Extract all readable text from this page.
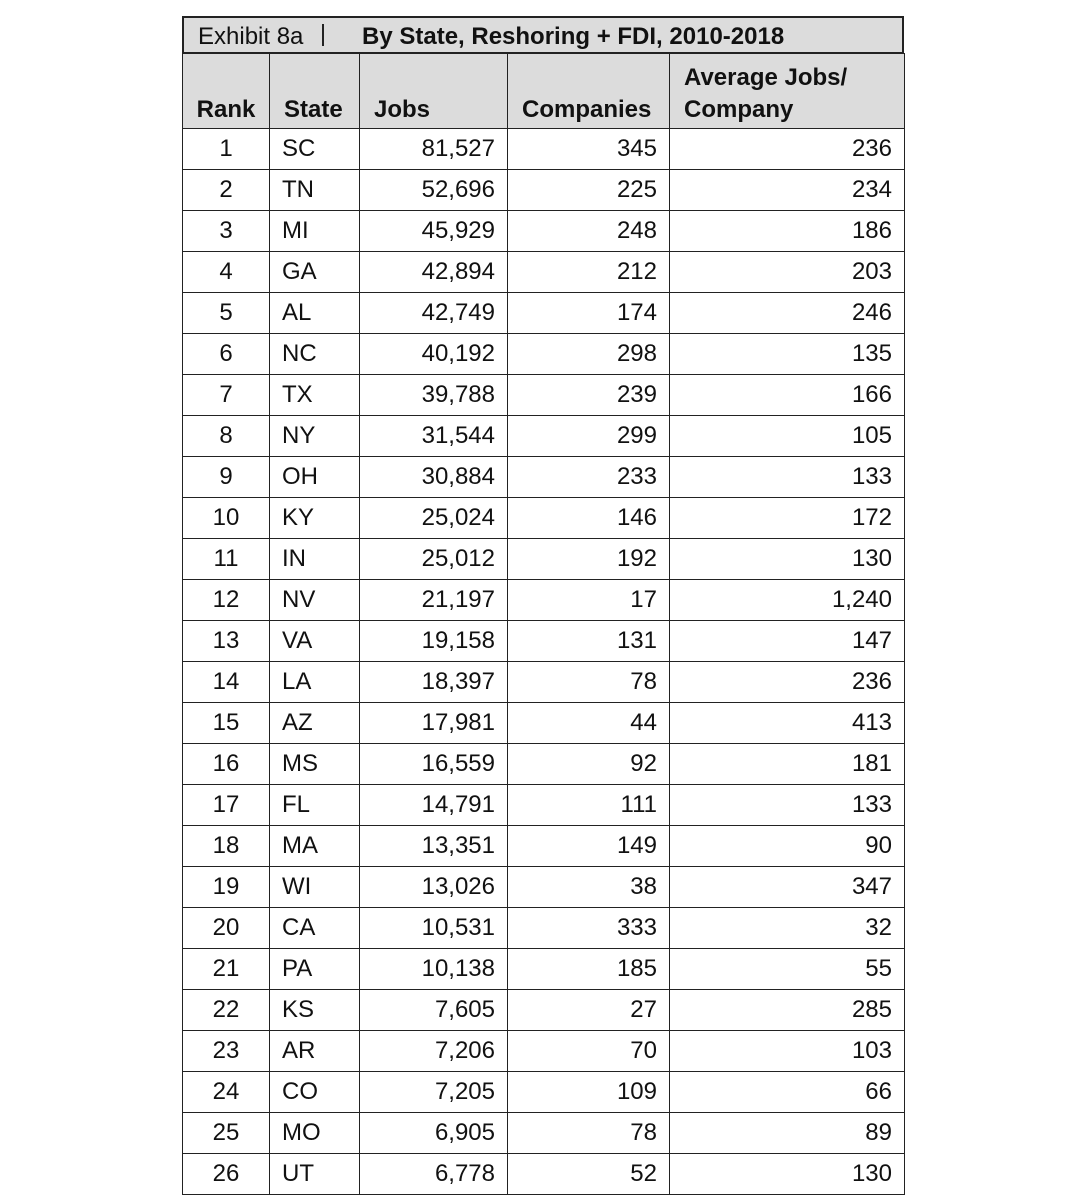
Exhibit 8a By State, Reshoring + FDI, 2010-2018
Rank	State	Jobs	Companies	Average Jobs/
Company
1	SC	81,527	345	236
2	TN	52,696	225	234
3	MI	45,929	248	186
4	GA	42,894	212	203
5	AL	42,749	174	246
6	NC	40,192	298	135
7	TX	39,788	239	166
8	NY	31,544	299	105
9	OH	30,884	233	133
10	KY	25,024	146	172
11	IN	25,012	192	130
12	NV	21,197	17	1,240
13	VA	19,158	131	147
14	LA	18,397	78	236
15	AZ	17,981	44	413
16	MS	16,559	92	181
17	FL	14,791	111	133
18	MA	13,351	149	90
19	WI	13,026	38	347
20	CA	10,531	333	32
21	PA	10,138	185	55
22	KS	7,605	27	285
23	AR	7,206	70	103
24	CO	7,205	109	66
25	MO	6,905	78	89
26	UT	6,778	52	130
